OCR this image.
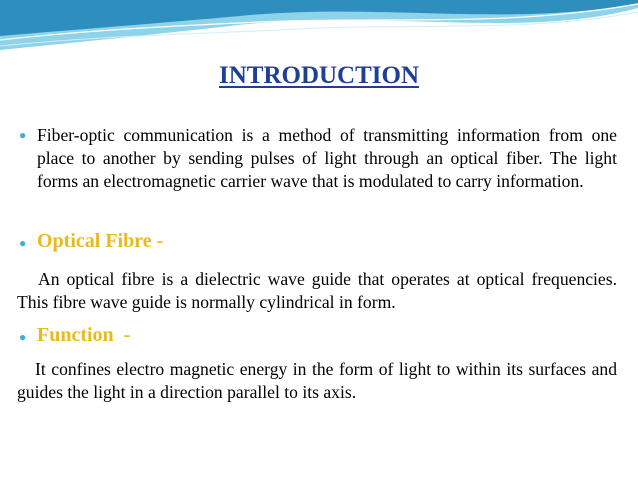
INTRODUCTION
● Fiber-optic communication is a method of transmitting information from one place to another by sending pulses of light through an optical fiber. The light forms an electromagnetic carrier wave that is modulated to carry information.
● Optical Fibre -
An optical fibre is a dielectric wave guide that operates at optical frequencies. This fibre wave guide is normally cylindrical in form.
● Function  -
It confines electro magnetic energy in the form of light to within its surfaces and guides the light in a direction parallel to its axis.
